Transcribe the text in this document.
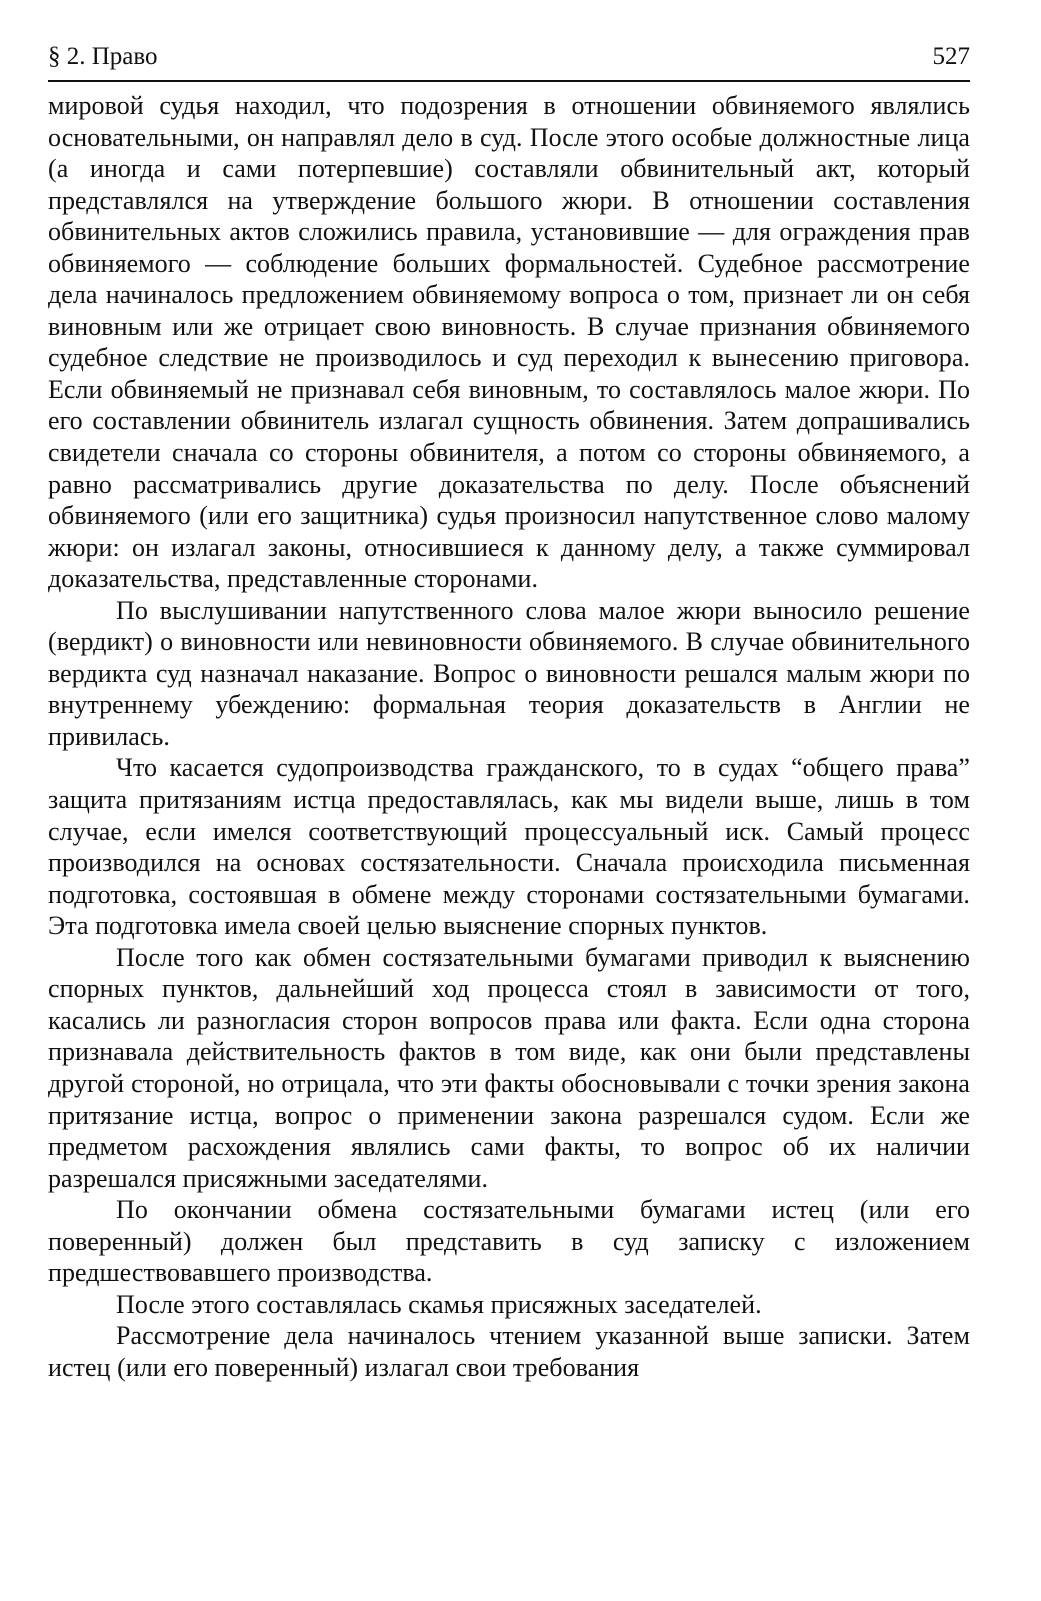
§ 2. Право	527

мировой судья находил, что подозрения в отношении обвиняемого являлись основательными, он направлял дело в суд. После этого особые должностные лица (а иногда и сами потерпевшие) составляли обвинительный акт, который представлялся на утверждение большого жюри. В отношении составления обвинительных актов сложились правила, установившие — для ограждения прав обвиняемого — соблюдение больших формальностей. Судебное рассмотрение дела начиналось предложением обвиняемому вопроса о том, признает ли он себя виновным или же отрицает свою виновность. В случае признания обвиняемого судебное следствие не производилось и суд переходил к вынесению приговора. Если обвиняемый не признавал себя виновным, то составлялось малое жюри. По его составлении обвинитель излагал сущность обвинения. Затем допрашивались свидетели сначала со стороны обвинителя, а потом со стороны обвиняемого, а равно рассматривались другие доказательства по делу. После объяснений обвиняемого (или его защитника) судья произносил напутственное слово малому жюри: он излагал законы, относившиеся к данному делу, а также суммировал доказательства, представленные сторонами.

По выслушивании напутственного слова малое жюри выносило решение (вердикт) о виновности или невиновности обвиняемого. В случае обвинительного вердикта суд назначал наказание. Вопрос о виновности решался малым жюри по внутреннему убеждению: формальная теория доказательств в Англии не привилась.

Что касается судопроизводства гражданского, то в судах “общего права” защита притязаниям истца предоставлялась, как мы видели выше, лишь в том случае, если имелся соответствующий процессуальный иск. Самый процесс производился на основах состязательности. Сначала происходила письменная подготовка, состоявшая в обмене между сторонами состязательными бумагами. Эта подготовка имела своей целью выяснение спорных пунктов.

После того как обмен состязательными бумагами приводил к выяснению спорных пунктов, дальнейший ход процесса стоял в зависимости от того, касались ли разногласия сторон вопросов права или факта. Если одна сторона признавала действительность фактов в том виде, как они были представлены другой стороной, но отрицала, что эти факты обосновывали с точки зрения закона притязание истца, вопрос о применении закона разрешался судом. Если же предметом расхождения являлись сами факты, то вопрос об их наличии разрешался присяжными заседателями.

По окончании обмена состязательными бумагами истец (или его поверенный) должен был представить в суд записку с изложением предшествовавшего производства.

После этого составлялась скамья присяжных заседателей.

Рассмотрение дела начиналось чтением указанной выше записки. Затем истец (или его поверенный) излагал свои требования
